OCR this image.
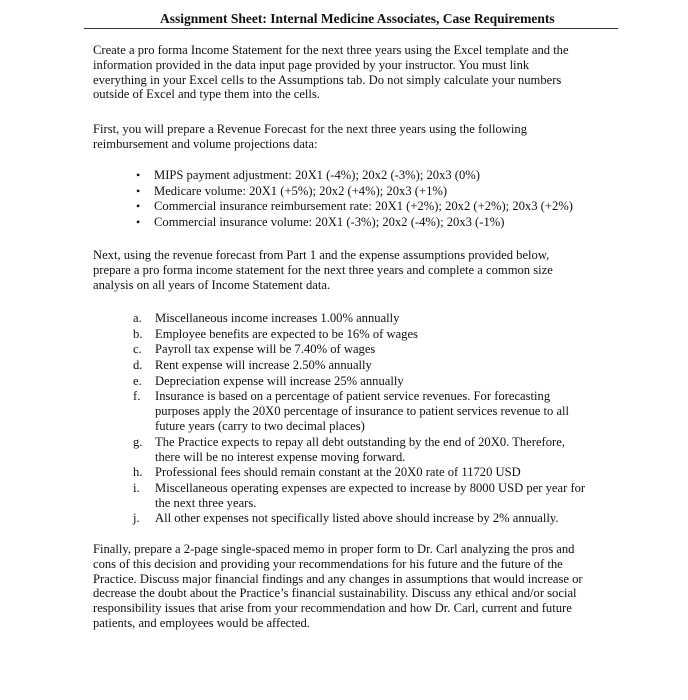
Assignment Sheet: Internal Medicine Associates, Case Requirements

Create a pro forma Income Statement for the next three years using the Excel template and the
information provided in the data input page provided by your instructor. You must link
everything in your Excel cells to the Assumptions tab. Do not simply calculate your numbers
outside of Excel and type them into the cells.

First, you will prepare a Revenue Forecast for the next three years using the following
reimbursement and volume projections data:

• MIPS payment adjustment: 20X1 (-4%); 20x2 (-3%); 20x3 (0%)
• Medicare volume: 20X1 (+5%); 20x2 (+4%); 20x3 (+1%)
• Commercial insurance reimbursement rate: 20X1 (+2%); 20x2 (+2%); 20x3 (+2%)
• Commercial insurance volume: 20X1 (-3%); 20x2 (-4%); 20x3 (-1%)

Next, using the revenue forecast from Part 1 and the expense assumptions provided below,
prepare a pro forma income statement for the next three years and complete a common size
analysis on all years of Income Statement data.

a. Miscellaneous income increases 1.00% annually
b. Employee benefits are expected to be 16% of wages
c. Payroll tax expense will be 7.40% of wages
d. Rent expense will increase 2.50% annually
e. Depreciation expense will increase 25% annually
f. Insurance is based on a percentage of patient service revenues. For forecasting
purposes apply the 20X0 percentage of insurance to patient services revenue to all
future years (carry to two decimal places)
g. The Practice expects to repay all debt outstanding by the end of 20X0. Therefore,
there will be no interest expense moving forward.
h. Professional fees should remain constant at the 20X0 rate of 11720 USD
i. Miscellaneous operating expenses are expected to increase by 8000 USD per year for
the next three years.
j. All other expenses not specifically listed above should increase by 2% annually.

Finally, prepare a 2-page single-spaced memo in proper form to Dr. Carl analyzing the pros and
cons of this decision and providing your recommendations for his future and the future of the
Practice. Discuss major financial findings and any changes in assumptions that would increase or
decrease the doubt about the Practice’s financial sustainability. Discuss any ethical and/or social
responsibility issues that arise from your recommendation and how Dr. Carl, current and future
patients, and employees would be affected.
